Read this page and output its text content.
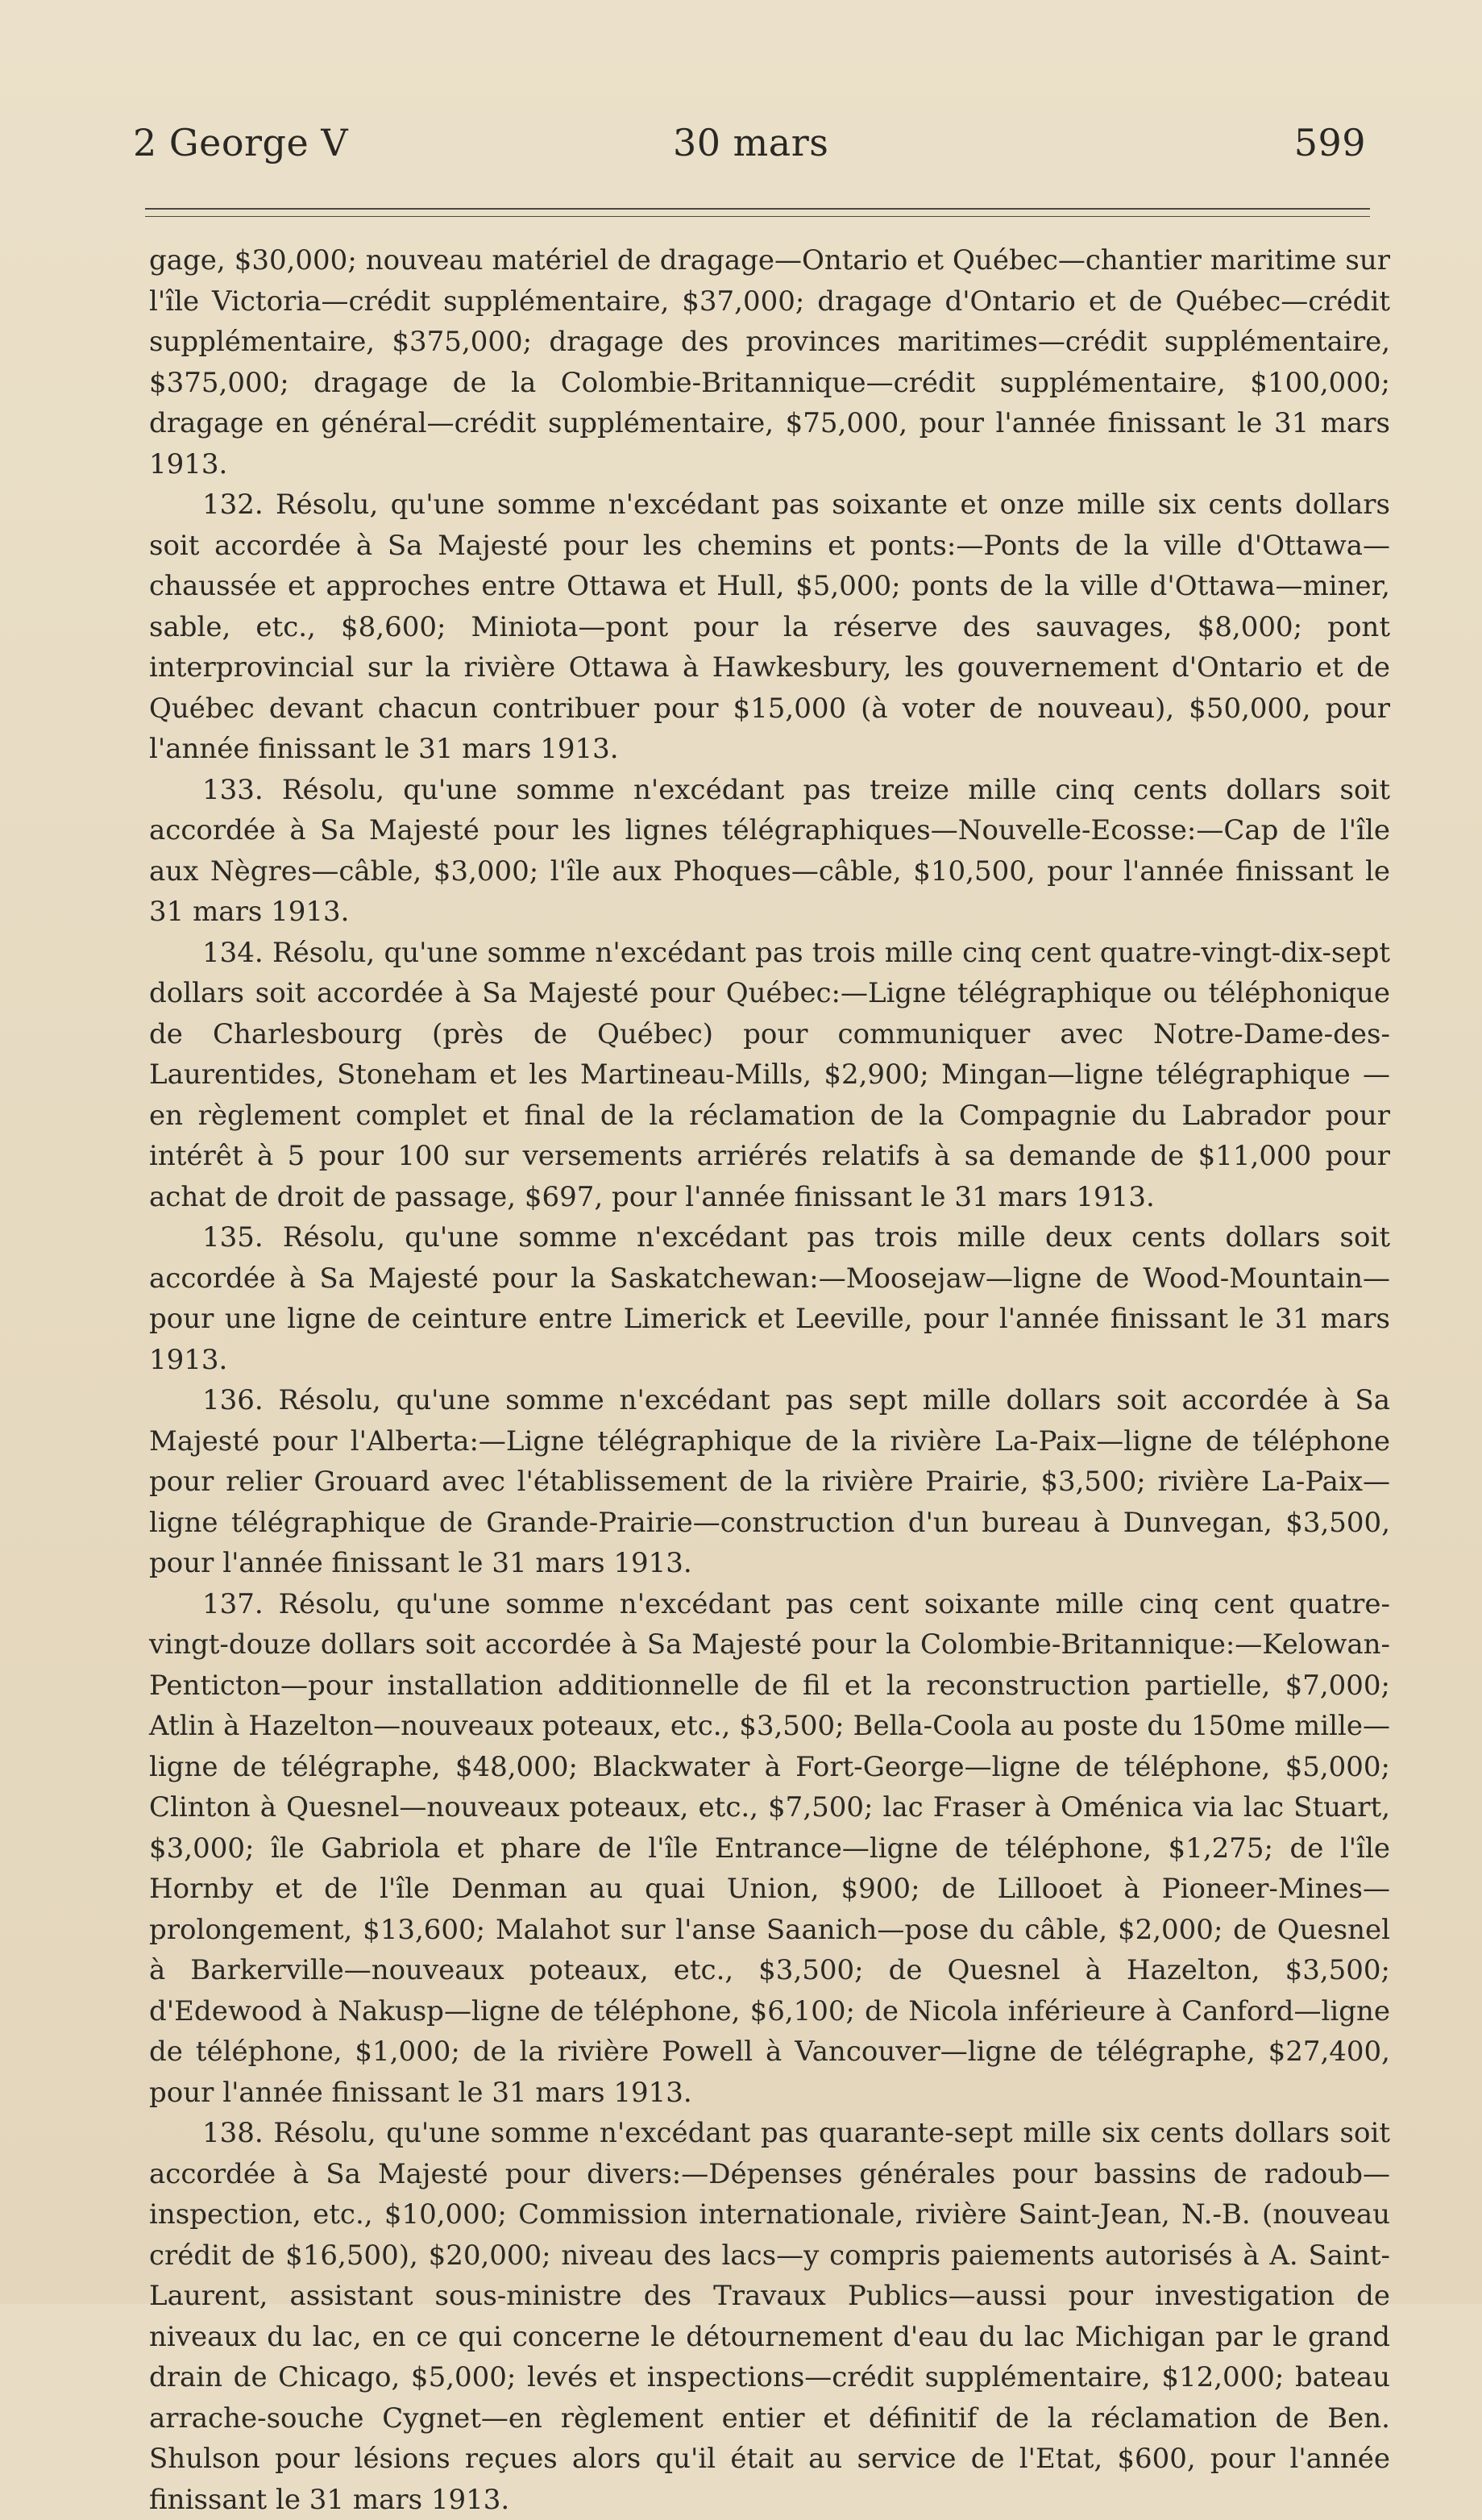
2 George V	30 mars	599

gage, $30,000; nouveau matériel de dragage—Ontario et Québec—chantier maritime sur l'île Victoria—crédit supplémentaire, $37,000; dragage d'Ontario et de Québec—crédit supplémentaire, $375,000; dragage des provinces maritimes—crédit supplémentaire, $375,000; dragage de la Colombie-Britannique—crédit supplémentaire, $100,000; dragage en général—crédit supplémentaire, $75,000, pour l'année finissant le 31 mars 1913.

132. Résolu, qu'une somme n'excédant pas soixante et onze mille six cents dollars soit accordée à Sa Majesté pour les chemins et ponts:—Ponts de la ville d'Ottawa—chaussée et approches entre Ottawa et Hull, $5,000; ponts de la ville d'Ottawa—miner, sable, etc., $8,600; Miniota—pont pour la réserve des sauvages, $8,000; pont interprovincial sur la rivière Ottawa à Hawkesbury, les gouvernement d'Ontario et de Québec devant chacun contribuer pour $15,000 (à voter de nouveau), $50,000, pour l'année finissant le 31 mars 1913.

133. Résolu, qu'une somme n'excédant pas treize mille cinq cents dollars soit accordée à Sa Majesté pour les lignes télégraphiques—Nouvelle-Ecosse:—Cap de l'île aux Nègres—câble, $3,000; l'île aux Phoques—câble, $10,500, pour l'année finissant le 31 mars 1913.

134. Résolu, qu'une somme n'excédant pas trois mille cinq cent quatre-vingt-dix-sept dollars soit accordée à Sa Majesté pour Québec:—Ligne télégraphique ou téléphonique de Charlesbourg (près de Québec) pour communiquer avec Notre-Dame-des-Laurentides, Stoneham et les Martineau-Mills, $2,900; Mingan—ligne télégraphique —en règlement complet et final de la réclamation de la Compagnie du Labrador pour intérêt à 5 pour 100 sur versements arriérés relatifs à sa demande de $11,000 pour achat de droit de passage, $697, pour l'année finissant le 31 mars 1913.

135. Résolu, qu'une somme n'excédant pas trois mille deux cents dollars soit accordée à Sa Majesté pour la Saskatchewan:—Moosejaw—ligne de Wood-Mountain—pour une ligne de ceinture entre Limerick et Leeville, pour l'année finissant le 31 mars 1913.

136. Résolu, qu'une somme n'excédant pas sept mille dollars soit accordée à Sa Majesté pour l'Alberta:—Ligne télégraphique de la rivière La-Paix—ligne de téléphone pour relier Grouard avec l'établissement de la rivière Prairie, $3,500; rivière La-Paix—ligne télégraphique de Grande-Prairie—construction d'un bureau à Dunvegan, $3,500, pour l'année finissant le 31 mars 1913.

137. Résolu, qu'une somme n'excédant pas cent soixante mille cinq cent quatre-vingt-douze dollars soit accordée à Sa Majesté pour la Colombie-Britannique:—Kelowan-Penticton—pour installation additionnelle de fil et la reconstruction partielle, $7,000; Atlin à Hazelton—nouveaux poteaux, etc., $3,500; Bella-Coola au poste du 150me mille—ligne de télégraphe, $48,000; Blackwater à Fort-George—ligne de téléphone, $5,000; Clinton à Quesnel—nouveaux poteaux, etc., $7,500; lac Fraser à Oménica via lac Stuart, $3,000; île Gabriola et phare de l'île Entrance—ligne de téléphone, $1,275; de l'île Hornby et de l'île Denman au quai Union, $900; de Lillooet à Pioneer-Mines—prolongement, $13,600; Malahot sur l'anse Saanich—pose du câble, $2,000; de Quesnel à Barkerville—nouveaux poteaux, etc., $3,500; de Quesnel à Hazelton, $3,500; d'Edewood à Nakusp—ligne de téléphone, $6,100; de Nicola inférieure à Canford—ligne de téléphone, $1,000; de la rivière Powell à Vancouver—ligne de télégraphe, $27,400, pour l'année finissant le 31 mars 1913.

138. Résolu, qu'une somme n'excédant pas quarante-sept mille six cents dollars soit accordée à Sa Majesté pour divers:—Dépenses générales pour bassins de radoub—inspection, etc., $10,000; Commission internationale, rivière Saint-Jean, N.-B. (nouveau crédit de $16,500), $20,000; niveau des lacs—y compris paiements autorisés à A. Saint-Laurent, assistant sous-ministre des Travaux Publics—aussi pour investigation de niveaux du lac, en ce qui concerne le détournement d'eau du lac Michigan par le grand drain de Chicago, $5,000; levés et inspections—crédit supplémentaire, $12,000; bateau arrache-souche Cygnet—en règlement entier et définitif de la réclamation de Ben. Shulson pour lésions reçues alors qu'il était au service de l'Etat, $600, pour l'année finissant le 31 mars 1913.
